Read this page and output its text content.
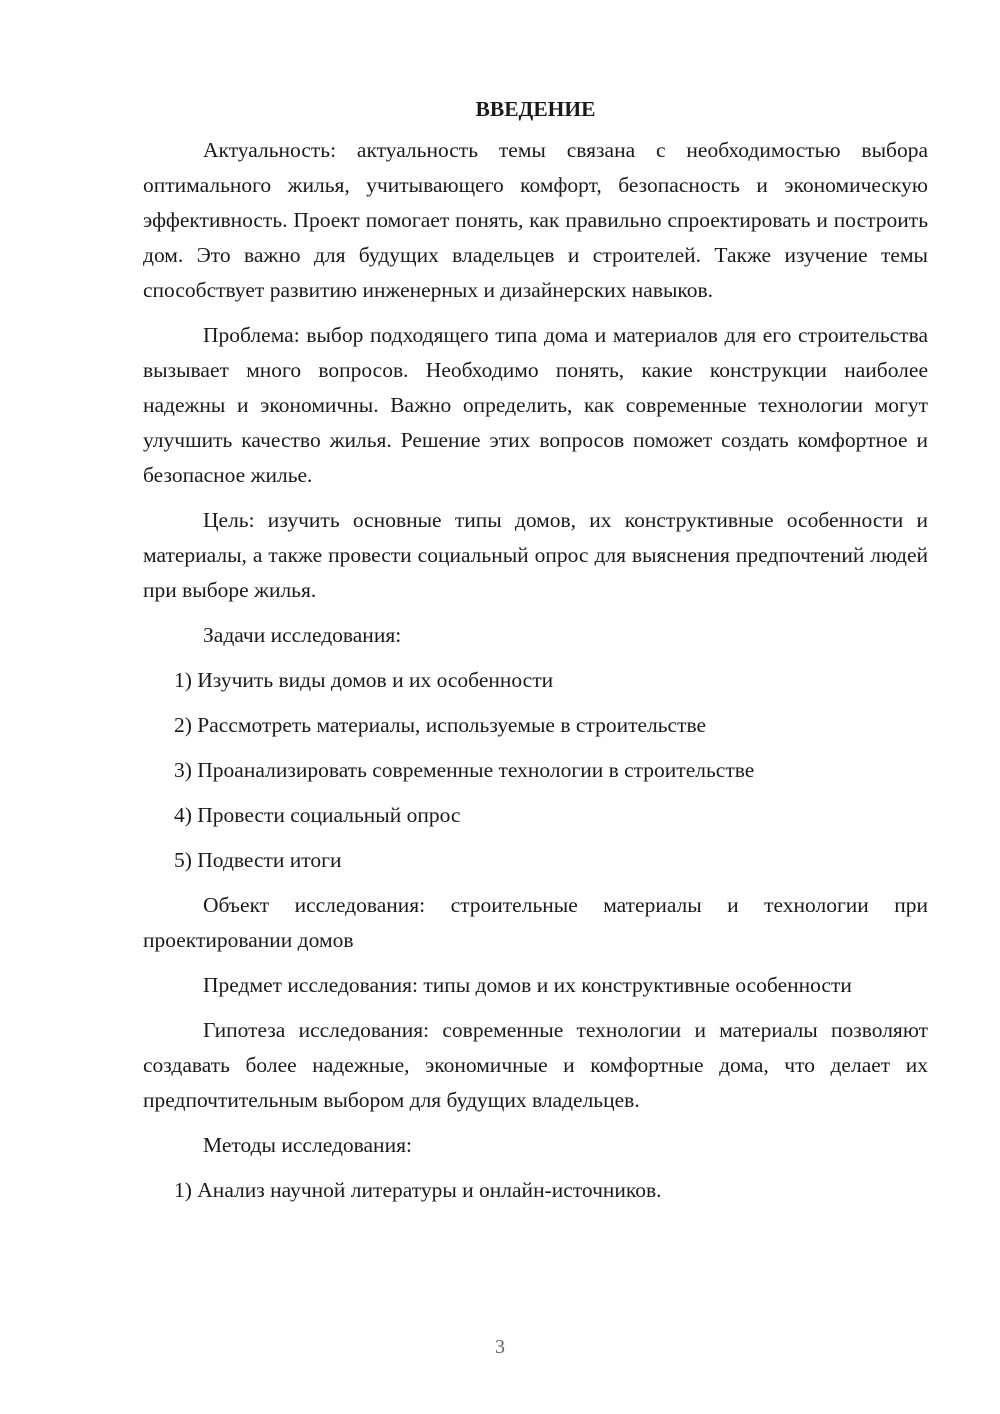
ВВЕДЕНИЕ

Актуальность: актуальность темы связана с необходимостью выбора оптимального жилья, учитывающего комфорт, безопасность и экономическую эффективность. Проект помогает понять, как правильно спроектировать и построить дом. Это важно для будущих владельцев и строителей. Также изучение темы способствует развитию инженерных и дизайнерских навыков.

Проблема: выбор подходящего типа дома и материалов для его строительства вызывает много вопросов. Необходимо понять, какие конструкции наиболее надежны и экономичны. Важно определить, как современные технологии могут улучшить качество жилья. Решение этих вопросов поможет создать комфортное и безопасное жилье.

Цель: изучить основные типы домов, их конструктивные особенности и материалы, а также провести социальный опрос для выяснения предпочтений людей при выборе жилья.

Задачи исследования:

1) Изучить виды домов и их особенности
2) Рассмотреть материалы, используемые в строительстве
3) Проанализировать современные технологии в строительстве
4) Провести социальный опрос
5) Подвести итоги

Объект исследования: строительные материалы и технологии при проектировании домов

Предмет исследования: типы домов и их конструктивные особенности

Гипотеза исследования: современные технологии и материалы позволяют создавать более надежные, экономичные и комфортные дома, что делает их предпочтительным выбором для будущих владельцев.

Методы исследования:

1) Анализ научной литературы и онлайн-источников.
3
